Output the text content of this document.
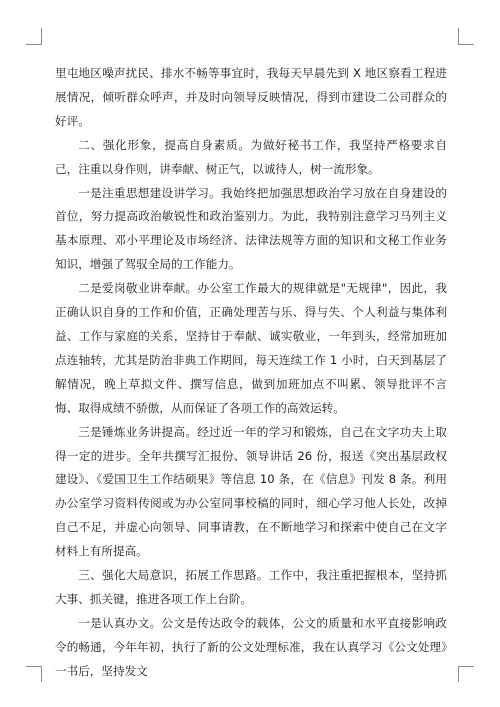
里屯地区噪声扰民、排水不畅等事宜时，我每天早晨先到 X 地区察看工程进展情况，倾听群众呼声，并及时向领导反映情况，得到市建设二公司群众的好评。

二、强化形象，提高自身素质。为做好秘书工作，我坚持严格要求自己，注重以身作则，讲奉献、树正气，以诚待人，树一流形象。

一是注重思想建设讲学习。我始终把加强思想政治学习放在自身建设的首位，努力提高政治敏锐性和政治鉴别力。为此，我特别注意学习马列主义基本原理、邓小平理论及市场经济、法律法规等方面的知识和文秘工作业务知识，增强了驾驭全局的工作能力。

二是爱岗敬业讲奉献。办公室工作最大的规律就是"无规律"，因此，我正确认识自身的工作和价值，正确处理苦与乐、得与失、个人利益与集体利益、工作与家庭的关系，坚持甘于奉献、诚实敬业，一年到头，经常加班加点连轴转，尤其是防治非典工作期间，每天连续工作 1 小时，白天到基层了解情况，晚上草拟文件、撰写信息，做到加班加点不叫累、领导批评不言悔、取得成绩不骄傲，从而保证了各项工作的高效运转。

三是锤炼业务讲提高。经过近一年的学习和锻炼，自己在文字功夫上取得一定的进步。全年共撰写汇报份、领导讲话 26 份，报送《突出基层政权建设》、《爱国卫生工作结硕果》等信息 10 条，在《信息》刊发 8 条。利用办公室学习资料传阅或为办公室同事校稿的同时，细心学习他人长处，改掉自己不足，并虚心向领导、同事请教，在不断地学习和探索中使自己在文字材料上有所提高。

三、强化大局意识，拓展工作思路。工作中，我注重把握根本，坚持抓大事、抓关键，推进各项工作上台阶。

一是认真办文。公文是传达政令的载体，公文的质量和水平直接影响政令的畅通，今年年初，执行了新的公文处理标准，我在认真学习《公文处理》一书后，坚持发文
